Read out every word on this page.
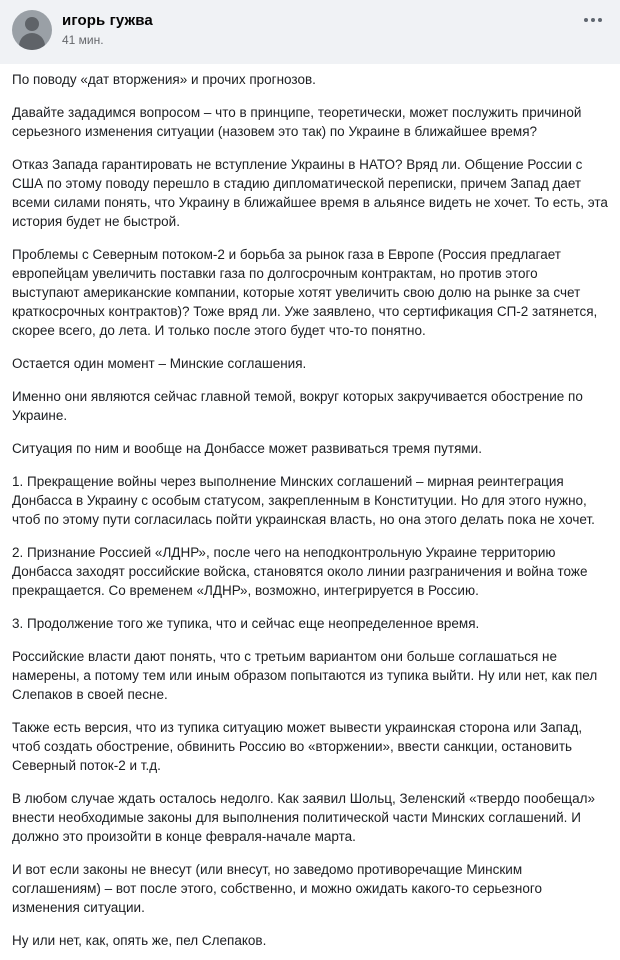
игорь гужва
41 мин.

По поводу «дат вторжения» и прочих прогнозов.

Давайте зададимся вопросом – что в принципе, теоретически, может послужить причиной серьезного изменения ситуации (назовем это так) по Украине в ближайшее время?

Отказ Запада гарантировать не вступление Украины в НАТО? Вряд ли. Общение России с США по этому поводу перешло в стадию дипломатической переписки, причем Запад дает всеми силами понять, что Украину в ближайшее время в альянсе видеть не хочет. То есть, эта история будет не быстрой.

Проблемы с Северным потоком-2 и борьба за рынок газа в Европе (Россия предлагает европейцам увеличить поставки газа по долгосрочным контрактам, но против этого выступают американские компании, которые хотят увеличить свою долю на рынке за счет краткосрочных контрактов)? Тоже вряд ли. Уже заявлено, что сертификация СП-2 затянется, скорее всего, до лета. И только после этого будет что-то понятно.

Остается один момент – Минские соглашения.

Именно они являются сейчас главной темой, вокруг которых закручивается обострение по Украине.

Ситуация по ним и вообще на Донбассе может развиваться тремя путями.

1. Прекращение войны через выполнение Минских соглашений – мирная реинтеграция Донбасса в Украину с особым статусом, закрепленным в Конституции. Но для этого нужно, чтоб по этому пути согласилась пойти украинская власть, но она этого делать пока не хочет.

2. Признание Россией «ЛДНР», после чего на неподконтрольную Украине территорию Донбасса заходят российские войска, становятся около линии разграничения и война тоже прекращается. Со временем «ЛДНР», возможно, интегрируется в Россию.

3. Продолжение того же тупика, что и сейчас еще неопределенное время.

Российские власти дают понять, что с третьим вариантом они больше соглашаться не намерены, а потому тем или иным образом попытаются из тупика выйти. Ну или нет, как пел Слепаков в своей песне.

Также есть версия, что из тупика ситуацию может вывести украинская сторона или Запад, чтоб создать обострение, обвинить Россию во «вторжении», ввести санкции, остановить Северный поток-2 и т.д.

В любом случае ждать осталось недолго. Как заявил Шольц, Зеленский «твердо пообещал» внести необходимые законы для выполнения политической части Минских соглашений. И должно это произойти в конце февраля-начале марта.

И вот если законы не внесут (или внесут, но заведомо противоречащие Минским соглашениям) – вот после этого, собственно, и можно ожидать какого-то серьезного изменения ситуации.

Ну или нет, как, опять же, пел Слепаков.
